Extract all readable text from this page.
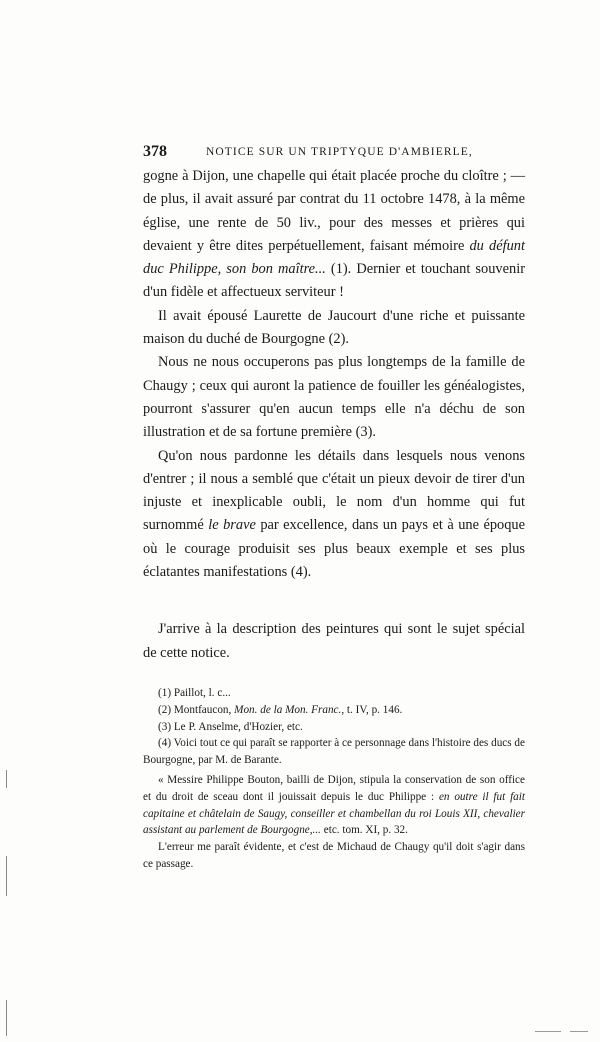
378	NOTICE SUR UN TRIPTYQUE D'AMBIERLE,

gogne à Dijon, une chapelle qui était placée proche du cloître ; — de plus, il avait assuré par contrat du 11 octobre 1478, à la même église, une rente de 50 liv., pour des messes et prières qui devaient y être dites perpétuellement, faisant mémoire du défunt duc Philippe, son bon maître... (1). Dernier et touchant souvenir d'un fidèle et affectueux serviteur !

Il avait épousé Laurette de Jaucourt d'une riche et puissante maison du duché de Bourgogne (2).

Nous ne nous occuperons pas plus longtemps de la famille de Chaugy ; ceux qui auront la patience de fouiller les généalogistes, pourront s'assurer qu'en aucun temps elle n'a déchu de son illustration et de sa fortune première (3).

Qu'on nous pardonne les détails dans lesquels nous venons d'entrer ; il nous a semblé que c'était un pieux devoir de tirer d'un injuste et inexplicable oubli, le nom d'un homme qui fut surnommé le brave par excellence, dans un pays et à une époque où le courage produisit ses plus beaux exemple et ses plus éclatantes manifestations (4).

J'arrive à la description des peintures qui sont le sujet spécial de cette notice.

(1) Paillot, l. c...

(2) Montfaucon, Mon. de la Mon. Franc., t. IV, p. 146.

(3) Le P. Anselme, d'Hozier, etc.

(4) Voici tout ce qui paraît se rapporter à ce personnage dans l'histoire des ducs de Bourgogne, par M. de Barante.

« Messire Philippe Bouton, bailli de Dijon, stipula la conservation de son office et du droit de sceau dont il jouissait depuis le duc Philippe : en outre il fut fait capitaine et châtelain de Saugy, conseiller et chambellan du roi Louis XII, chevalier assistant au parlement de Bourgogne,... etc. tom. XI, p. 32.

L'erreur me paraît évidente, et c'est de Michaud de Chaugy qu'il doit s'agir dans ce passage.
